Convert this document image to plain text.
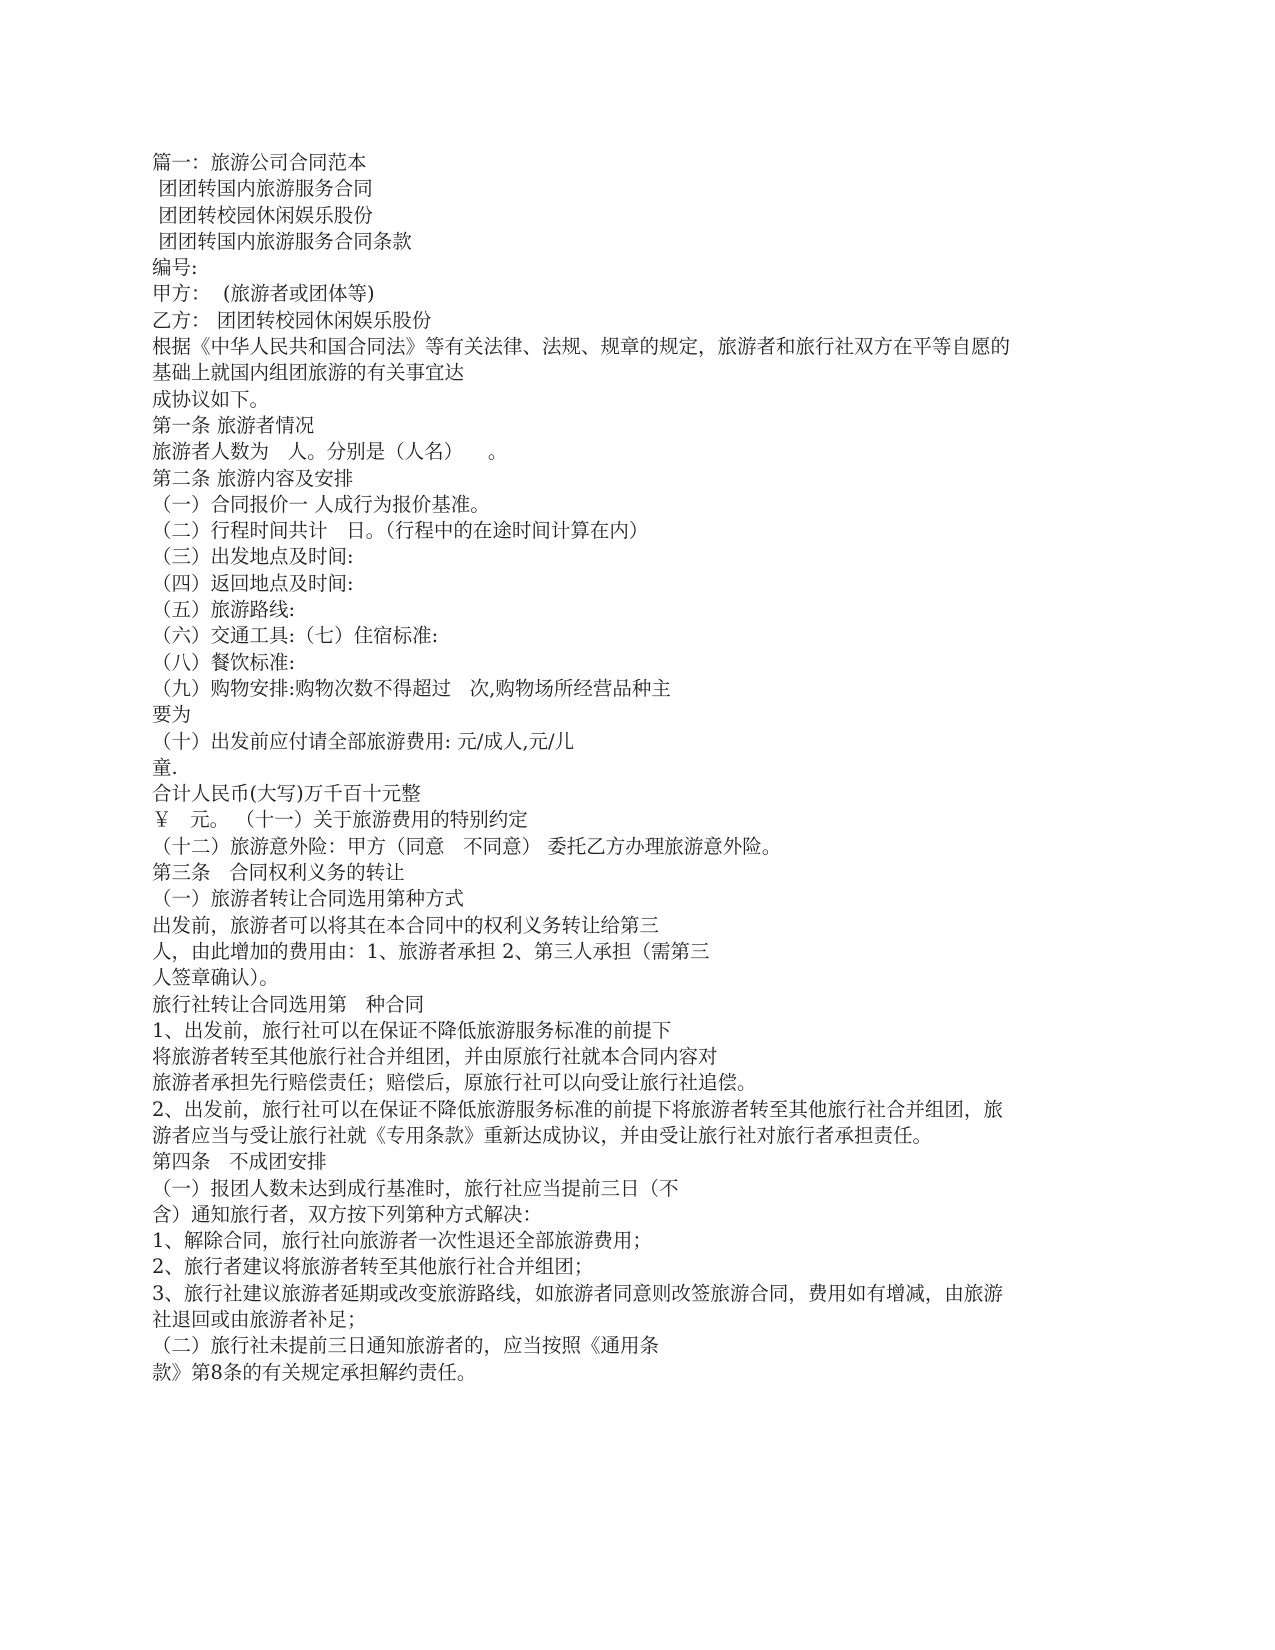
篇一：旅游公司合同范本
团团转国内旅游服务合同
团团转校园休闲娱乐股份
团团转国内旅游服务合同条款
编号:
甲方：  (旅游者或团体等)
乙方： 团团转校园休闲娱乐股份
根据《中华人民共和国合同法》等有关法律、法规、规章的规定，旅游者和旅行社双方在平等自愿的
基础上就国内组团旅游的有关事宜达
成协议如下。
第一条 旅游者情况
旅游者人数为   人。分别是（人名）    。
第二条 旅游内容及安排
（一）合同报价一 人成行为报价基准。
（二）行程时间共计   日。（行程中的在途时间计算在内）
（三）出发地点及时间:
（四）返回地点及时间:
（五）旅游路线:
（六）交通工具:（七）住宿标准:
（八）餐饮标准:
（九）购物安排:购物次数不得超过   次,购物场所经营品种主
要为
（十）出发前应付请全部旅游费用: 元/成人,元/儿
童.
合计人民币(大写)万千百十元整
￥   元。 （十一）关于旅游费用的特别约定
（十二）旅游意外险：甲方（同意   不同意） 委托乙方办理旅游意外险。
第三条   合同权利义务的转让
（一）旅游者转让合同选用第种方式
出发前，旅游者可以将其在本合同中的权利义务转让给第三
人，由此增加的费用由：1、旅游者承担 2、第三人承担（需第三
人签章确认）。
旅行社转让合同选用第   种合同
1、出发前，旅行社可以在保证不降低旅游服务标准的前提下
将旅游者转至其他旅行社合并组团，并由原旅行社就本合同内容对
旅游者承担先行赔偿责任；赔偿后，原旅行社可以向受让旅行社追偿。
2、出发前，旅行社可以在保证不降低旅游服务标准的前提下将旅游者转至其他旅行社合并组团，旅
游者应当与受让旅行社就《专用条款》重新达成协议，并由受让旅行社对旅行者承担责任。
第四条   不成团安排
（一）报团人数未达到成行基准时，旅行社应当提前三日（不
含）通知旅行者，双方按下列第种方式解决：
1、解除合同，旅行社向旅游者一次性退还全部旅游费用；
2、旅行者建议将旅游者转至其他旅行社合并组团；
3、旅行社建议旅游者延期或改变旅游路线，如旅游者同意则改签旅游合同，费用如有增减，由旅游
社退回或由旅游者补足；
（二）旅行社未提前三日通知旅游者的，应当按照《通用条
款》第8条的有关规定承担解约责任。
